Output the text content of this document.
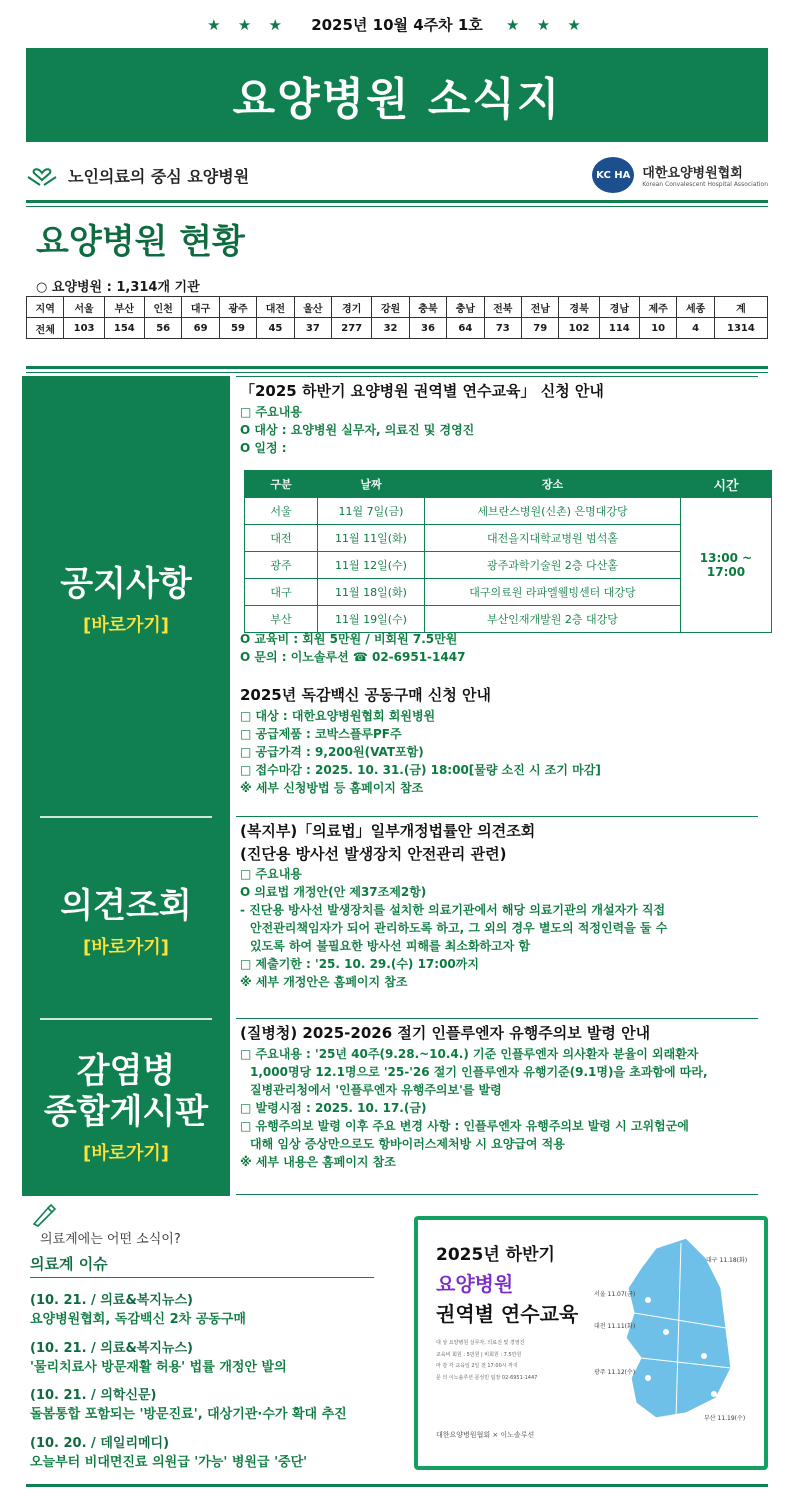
★ ★ ★ 2025년 10월 4주차 1호 ★ ★ ★
요양병원 소식지
노인의료의 중심 요양병원	KC HA 대한요양병원협회
Korean Convalescent Hospital Association
요양병원 현황
○ 요양병원 : 1,314개 기관
지역	서울	부산	인천	대구	광주	대전	울산	경기	강원	충북	충남	전북	전남	경북	경남	제주	세종	계
전체	103	154	56	69	59	45	37	277	32	36	64	73	79	102	114	10	4	1314
공지사항
[바로가기]
의견조회
[바로가기]
감염병
종합게시판
[바로가기]
「2025 하반기 요양병원 권역별 연수교육」 신청 안내
□ 주요내용
O 대상 : 요양병원 실무자, 의료진 및 경영진
O 일정 :
구분	날짜	장소	시간
서울	11월 7일(금)	세브란스병원(신촌) 은명대강당	13:00 ~ 17:00
대전	11월 11일(화)	대전을지대학교병원 범석홀	
광주	11월 12일(수)	광주과학기술원 2층 다산홀	
대구	11월 18일(화)	대구의료원 라파엘웰빙센터 대강당	
부산	11월 19일(수)	부산인재개발원 2층 대강당	
O 교육비 : 회원 5만원 / 비회원 7.5만원
O 문의 : 이노솔루션 ☎ 02-6951-1447
2025년 독감백신 공동구매 신청 안내
□ 대상 : 대한요양병원협회 회원병원
□ 공급제품 : 코박스플루PF주
□ 공급가격 : 9,200원(VAT포함)
□ 접수마감 : 2025. 10. 31.(금) 18:00[물량 소진 시 조기 마감]
※ 세부 신청방법 등 홈페이지 참조
(복지부)「의료법」일부개정법률안 의견조회
(진단용 방사선 발생장치 안전관리 관련)
□ 주요내용
O 의료법 개정안(안 제37조제2항)
- 진단용 방사선 발생장치를 설치한 의료기관에서 해당 의료기관의 개설자가 직접
안전관리책임자가 되어 관리하도록 하고, 그 외의 경우 별도의 적정인력을 둘 수
있도록 하여 불필요한 방사선 피해를 최소화하고자 함
□ 제출기한 : '25. 10. 29.(수) 17:00까지
※ 세부 개정안은 홈페이지 참조
(질병청) 2025-2026 절기 인플루엔자 유행주의보 발령 안내
□ 주요내용 : '25년 40주(9.28.~10.4.) 기준 인플루엔자 의사환자 분율이 외래환자
1,000명당 12.1명으로 '25-'26 절기 인플루엔자 유행기준(9.1명)을 초과함에 따라,
질병관리청에서 '인플루엔자 유행주의보'를 발령
□ 발령시점 : 2025. 10. 17.(금)
□ 유행주의보 발령 이후 주요 변경 사항 : 인플루엔자 유행주의보 발령 시 고위험군에
대해 임상 증상만으로도 항바이러스제처방 시 요양급여 적용
※ 세부 내용은 홈페이지 참조
의료계에는 어떤 소식이?
의료계 이슈
(10. 21. / 의료&복지뉴스)
요양병원협회, 독감백신 2차 공동구매
(10. 21. / 의료&복지뉴스)
'물리치료사 방문재활 허용' 법률 개정안 발의
(10. 21. / 의학신문)
돌봄통합 포함되는 '방문진료', 대상기관·수가 확대 추진
(10. 20. / 데일리메디)
오늘부터 비대면진료 의원급 '가능' 병원급 '중단'
2025년 하반기
요양병원
권역별 연수교육
대 상 요양병원 실무자, 의료진 및 경영진
교육비 회원 : 5만원 | 비회원 : 7.5만원
마 감 각 교육일 2일 전 17:00시 까지
문 의 이노솔루션 문성민 팀장 02-6951-1447
대한요양병원협회 × 이노솔루션
서울 11.07(금)
대전 11.11(화)
광주 11.12(수)
대구 11.18(화)
부산 11.19(수)
